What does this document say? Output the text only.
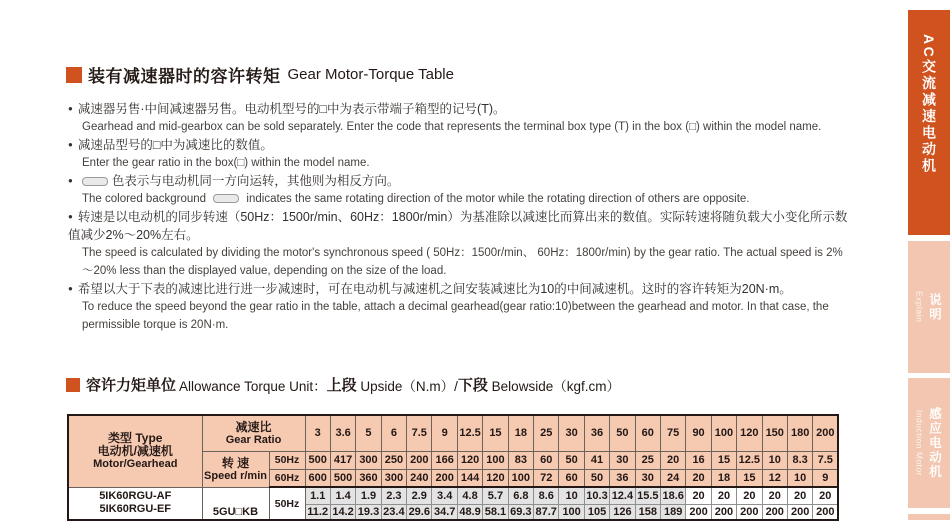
装有减速器时的容许转矩 Gear Motor-Torque Table
● 减速器另售·中间减速器另售。电动机型号的□中为表示带端子箱型的记号(T)。
Gearhead and mid-gearbox can be sold separately. Enter the code that represents the terminal box type (T) in the box (□) within the model name.
● 减速品型号的□中为减速比的数值。
Enter the gear ratio in the box(□) within the model name.
●	色表示与电动机同一方向运转，其他则为相反方向。
The colored background	indicates the same rotating direction of the motor while the rotating direction of others are opposite.
● 转速是以电动机的同步转速（50Hz：1500r/min、60Hz：1800r/min）为基准除以减速比而算出来的数值。实际转速将随负载大小变化所示数值减少2%～20%左右。
The speed is calculated by dividing the motor's synchronous speed ( 50Hz：1500r/min、 60Hz：1800r/min) by the gear ratio. The actual speed is 2%～20% less than the displayed value, depending on the size of the load.
● 希望以大于下表的减速比进行进一步减速时，可在电动机与减速机之间安装减速比为10的中间减速机。这时的容许转矩为20N·m。
To reduce the speed beyond the gear ratio in the table, attach a decimal gearhead(gear ratio:10)between the gearhead and motor. In that case, the permissible torque is 20N·m.
容许力矩单位 Allowance Torque Unit： 上段 Upside（N.m）/ 下段 Belowside（kgf.cm）
类型 Type
电动机/减速机
Motor/Gearhead

减速比
Gear Ratio
	3	3.6	5	6	7.5	9	12.5	15	18	25	30	36	50	60	75	90	100	120	150	180	200

	转 速
Speed r/min	50Hz	500	417	300	250	200	166	120	100	83	60	50	41	30	25	20	16	15	12.5	10	8.3	7.5
		60Hz	600	500	360	300	240	200	144	120	100	72	60	50	36	30	24	20	18	15	12	10	9

5IK60RGU-AF
5IK60RGU-EF	5GU□KB	50Hz	1.1	1.4	1.9	2.3	2.9	3.4	4.8	5.7	6.8	8.6	10	10.3	12.4	15.5	18.6	20	20	20	20	20	20
			11.2	14.2	19.3	23.4	29.6	34.7	48.9	58.1	69.3	87.7	100	105	126	158	189	200	200	200	200	200	200
AC交流减速电动机
Explain 说明
Induction Motor 感应电动机
